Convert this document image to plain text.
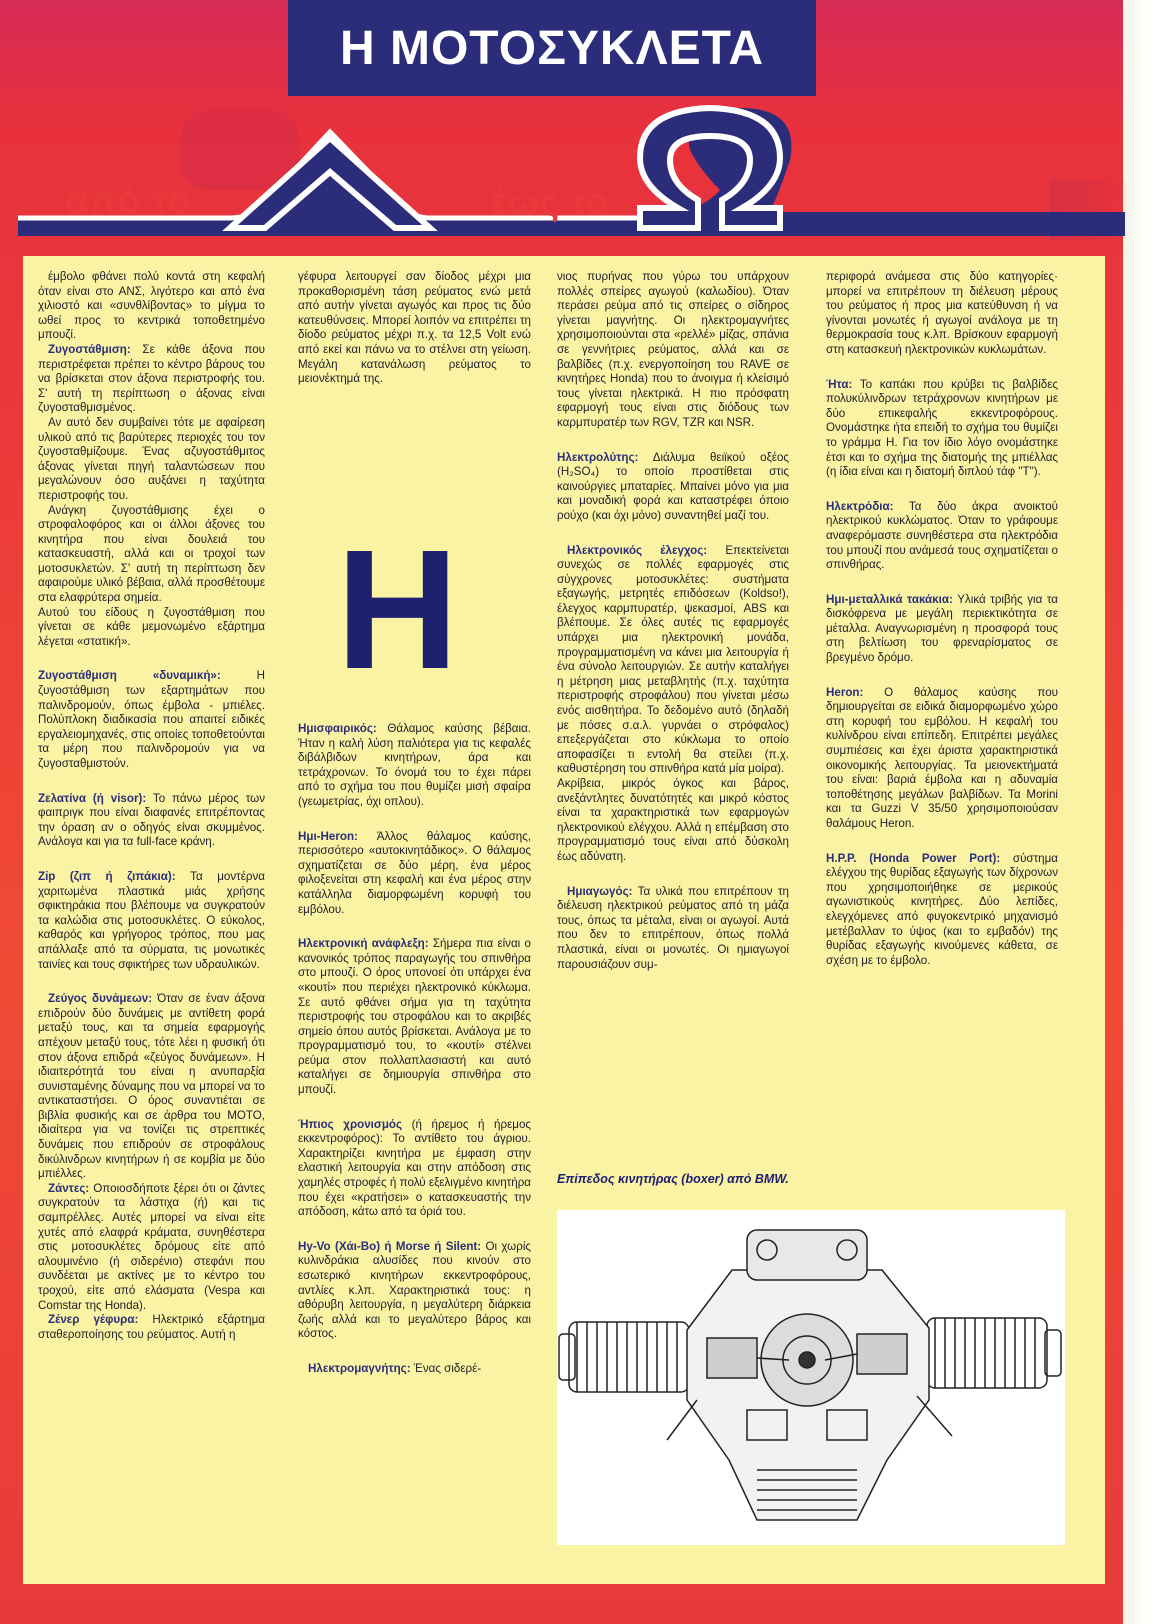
Η ΜΟΤΟΣΥΚΛΕΤΑ
από το	έως το

έμβολο φθάνει πολύ κοντά στη κεφαλή όταν είναι στο ΑΝΣ, λιγότερο και από ένα χιλιοστό και «συνθλίβοντας» το μίγμα το ωθεί προς το κεντρικά τοποθετημένο μπουζί.

Ζυγοστάθμιση: Σε κάθε άξονα που περιστρέφεται πρέπει το κέντρο βάρους του να βρίσκεται στον άξονα περιστροφής του. Σ' αυτή τη περίπτωση ο άξονας είναι ζυγοσταθμισμένος.

Αν αυτό δεν συμβαίνει τότε με αφαίρεση υλικού από τις βαρύτερες περιοχές του τον ζυγοσταθμίζουμε. Ένας αζυγοστάθμιτος άξονας γίνεται πηγή ταλαντώσεων που μεγαλώνουν όσο αυξάνει η ταχύτητα περιστροφής του.

Ανάγκη ζυγοστάθμισης έχει ο στροφαλοφόρος και οι άλλοι άξονες του κινητήρα που είναι δουλειά του κατασκευαστή, αλλά και οι τροχοί των μοτοσυκλετών. Σ' αυτή τη περίπτωση δεν αφαιρούμε υλικό βέβαια, αλλά προσθέτουμε στα ελαφρύτερα σημεία.

Αυτού του είδους η ζυγοστάθμιση που γίνεται σε κάθε μεμονωμένο εξάρτημα λέγεται «στατική».

Ζυγοστάθμιση «δυναμική»: Η ζυγοστάθμιση των εξαρτημάτων που παλινδρομούν, όπως έμβολα - μπιέλες. Πολύπλοκη διαδικασία που απαιτεί ειδικές εργαλειομηχανές, στις οποίες τοποθετούνται τα μέρη που παλινδρομούν για να ζυγοσταθμιστούν.

Ζελατίνα (ή visor): Το πάνω μέρος των φαιπριγκ που είναι διαφανές επιτρέποντας την όραση αν ο οδηγός είναι σκυμμένος. Ανάλογα και για τα full-face κράνη.

Zip (ζιπ ή ζιπάκια): Τα μοντέρνα χαριτωμένα πλαστικά μιάς χρήσης σφικτηράκια που βλέπουμε να συγκρατούν τα καλώδια στις μοτοσυκλέτες. Ο εύκολος, καθαρός και γρήγορος τρόπος, που μας απάλλαξε από τα σύρματα, τις μονωτικές ταινίες και τους σφικτήρες των υδραυλικών.

Ζεύγος δυνάμεων: Όταν σε έναν άξονα επιδρούν δύο δυνάμεις με αντίθετη φορά μεταξύ τους, και τα σημεία εφαρμογής απέχουν μεταξύ τους, τότε λέει η φυσική ότι στον άξονα επιδρά «ζεύγος δυνάμεων». Η ιδιαιτερότητά του είναι η ανυπαρξία συνισταμένης δύναμης που να μπορεί να το αντικαταστήσει. Ο όρος συναντιέται σε βιβλία φυσικής και σε άρθρα του ΜΟΤΟ, ιδιαίτερα για να τονίζει τις στρεπτικές δυνάμεις που επιδρούν σε στροφάλους δικύλινδρων κινητήρων ή σε κομβία με δύο μπιέλλες.

Ζάντες: Οποιοσδήποτε ξέρει ότι οι ζάντες συγκρατούν τα λάστιχα (ή) και τις σαμπρέλλες. Αυτές μπορεί να είναι είτε χυτές από ελαφρά κράματα, συνηθέστερα στις μοτοσυκλέτες δρόμους είτε από αλουμινένιο (ή σιδερένιο) στεφάνι που συνδέεται με ακτίνες με το κέντρο του τροχού, είτε από ελάσματα (Vespa και Comstar της Honda).

Ζένερ γέφυρα: Ηλεκτρικό εξάρτημα σταθεροποίησης του ρεύματος. Αυτή η

γέφυρα λειτουργεί σαν δίοδος μέχρι μια προκαθορισμένη τάση ρεύματος ενώ μετά από αυτήν γίνεται αγωγός και προς τις δύο κατευθύνσεις. Μπορεί λοιπόν να επιτρέπει τη δίοδο ρεύματος μέχρι π.χ. τα 12,5 Volt ενώ από εκεί και πάνω να το στέλνει στη γείωση. Μεγάλη κατανάλωση ρεύματος το μειονέκτημά της.

Η

Ημισφαιρικός: Θάλαμος καύσης βέβαια. Ήταν η καλή λύση παλιότερα για τις κεφαλές διβάλβιδων κινητήρων, άρα και τετράχρονων. Το όνομά του το έχει πάρει από το σχήμα του που θυμίζει μισή σφαίρα (γεωμετρίας, όχι οπλου).

Ημι-Heron: Άλλος θάλαμος καύσης, περισσότερο «αυτοκινητάδικος». Ο θάλαμος σχηματίζεται σε δύο μέρη, ένα μέρος φιλοξενείται στη κεφαλή και ένα μέρος στην κατάλληλα διαμορφωμένη κορυφή του εμβόλου.

Ηλεκτρονική ανάφλεξη: Σήμερα πια είναι ο κανονικός τρόπος παραγωγής του σπινθήρα στο μπουζί. Ο όρος υπονοεί ότι υπάρχει ένα «κουτί» που περιέχει ηλεκτρονικό κύκλωμα. Σε αυτό φθάνει σήμα για τη ταχύτητα περιστροφής του στροφάλου και το ακριβές σημείο όπου αυτός βρίσκεται. Ανάλογα με το προγραμματισμό του, το «κουτί» στέλνει ρεύμα στον πολλαπλασιαστή και αυτό καταλήγει σε δημιουργία σπινθήρα στο μπουζί.

Ήπιος χρονισμός (ή ήρεμος ή ήρεμος εκκεντροφόρος): Το αντίθετο του άγριου. Χαρακτηρίζει κινητήρα με έμφαση στην ελαστική λειτουργία και στην απόδοση στις χαμηλές στροφές ή πολύ εξελιγμένο κινητήρα που έχει «κρατήσει» ο κατασκευαστής την απόδοση, κάτω από τα όριά του.

Hy-Vo (Χάι-Βο) ή Morse ή Silent: Οι χωρίς κυλινδράκια αλυσίδες που κινούν στο εσωτερικό κινητήρων εκκεντροφόρους, αντλίες κ.λπ. Χαρακτηριστικά τους: η αθόρυβη λειτουργία, η μεγαλύτερη διάρκεια ζωής αλλά και το μεγαλύτερο βάρος και κόστος.

Ηλεκτρομαγνήτης: Ένας σιδερέ-

νιος πυρήνας που γύρω του υπάρχουν πολλές σπείρες αγωγού (καλωδίου). Όταν περάσει ρεύμα από τις σπείρες ο σίδηρος γίνεται μαγνήτης. Οι ηλεκτρομαγνήτες χρησιμοποιούνται στα «ρελλέ» μίζας, σπάνια σε γεννήτριες ρεύματος, αλλά και σε βαλβίδες (π.χ. ενεργοποίηση του RAVE σε κινητήρες Honda) που το άνοιγμα ή κλείσιμό τους γίνεται ηλεκτρικά. Η πιο πρόσφατη εφαρμογή τους είναι στις διόδους των καρμπυρατέρ των RGV, TZR και NSR.

Ηλεκτρολύτης: Διάλυμα θειϊκού οξέος (H₂SO₄) το οποίο προστίθεται στις καινούργιες μπαταρίες. Μπαίνει μόνο για μια και μοναδική φορά και καταστρέφει όποιο ρούχο (και όχι μόνο) συναντηθεί μαζί του.

Ηλεκτρονικός έλεγχος: Επεκτείνεται συνεχώς σε πολλές εφαρμογές στις σύγχρονες μοτοσυκλέτες: συστήματα εξαγωγής, μετρητές επιδόσεων (Koldso!), έλεγχος καρμπυρατέρ, ψεκασμοί, ABS και βλέπουμε. Σε όλες αυτές τις εφαρμογές υπάρχει μια ηλεκτρονική μονάδα, προγραμματισμένη να κάνει μια λειτουργία ή ένα σύνολο λειτουργιών. Σε αυτήν καταλήγει η μέτρηση μιας μεταβλητής (π.χ. ταχύτητα περιστροφής στροφάλου) που γίνεται μέσω ενός αισθητήρα. Το δεδομένο αυτό (δηλαδή με πόσες σ.α.λ. γυρνάει ο στρόφαλος) επεξεργάζεται στο κύκλωμα το οποίο αποφασίζει τι εντολή θα στείλει (π.χ. καθυστέρηση του σπινθήρα κατά μία μοίρα).

Ακρίβεια, μικρός όγκος και βάρος, ανεξάντλητες δυνατότητές και μικρό κόστος είναι τα χαρακτηριστικά των εφαρμογών ηλεκτρονικού ελέγχου. Αλλά η επέμβαση στο προγραμματισμό τους είναι από δύσκολη έως αδύνατη.

Ημιαγωγός: Τα υλικά που επιτρέπουν τη διέλευση ηλεκτρικού ρεύματος από τη μάζα τους, όπως τα μέταλα, είναι οι αγωγοί. Αυτά που δεν το επιτρέπουν, όπως πολλά πλαστικά, είναι οι μονωτές. Οι ημιαγωγοί παρουσιάζουν συμ-

περιφορά ανάμεσα στις δύο κατηγορίες· μπορεί να επιτρέπουν τη διέλευση μέρους του ρεύματος ή προς μια κατεύθυνση ή να γίνονται μονωτές ή αγωγοί ανάλογα με τη θερμοκρασία τους κ.λπ. Βρίσκουν εφαρμογή στη κατασκευή ηλεκτρονικών κυκλωμάτων.

Ήτα: Το καπάκι που κρύβει τις βαλβίδες πολυκύλινδρων τετράχρονων κινητήρων με δύο επικεφαλής εκκεντροφόρους. Ονομάστηκε ήτα επειδή το σχήμα του θυμίζει το γράμμα Η. Για τον ίδιο λόγο ονομάστηκε έτσι και το σχήμα της διατομής της μπιέλλας (η ίδια είναι και η διατομή διπλού τάφ "Τ").

Ηλεκτρόδια: Τα δύο άκρα ανοικτού ηλεκτρικού κυκλώματος. Όταν το γράφουμε αναφερόμαστε συνηθέστερα στα ηλεκτρόδια του μπουζί που ανάμεσά τους σχηματίζεται ο σπινθήρας.

Ημι-μεταλλικά τακάκια: Υλικά τριβής για τα δισκόφρενα με μεγάλη περιεκτικότητα σε μέταλλα. Αναγνωρισμένη η προσφορά τους στη βελτίωση του φρεναρίσματος σε βρεγμένο δρόμο.

Heron: Ο θάλαμος καύσης που δημιουργείται σε ειδικά διαμορφωμένο χώρο στη κορυφή του εμβόλου. Η κεφαλή του κυλίνδρου είναι επίπεδη. Επιτρέπει μεγάλες συμπιέσεις και έχει άριστα χαρακτηριστικά οικονομικής λειτουργίας. Τα μειονεκτήματά του είναι: βαριά έμβολα και η αδυναμία τοποθέτησης μεγάλων βαλβίδων. Τα Morini και τα Guzzi V 35/50 χρησιμοποιούσαν θαλάμους Heron.

H.P.P. (Honda Power Port): σύστημα ελέγχου της θυρίδας εξαγωγής των δίχρονων που χρησιμοποιήθηκε σε μερικούς αγωνιστικούς κινητήρες. Δύο λεπίδες, ελεγχόμενες από φυγοκεντρικό μηχανισμό μετέβαλλαν το ύψος (και το εμβαδόν) της θυρίδας εξαγωγής κινούμενες κάθετα, σε σχέση με το έμβολο.

Επίπεδος κινητήρας (boxer) από BMW.
